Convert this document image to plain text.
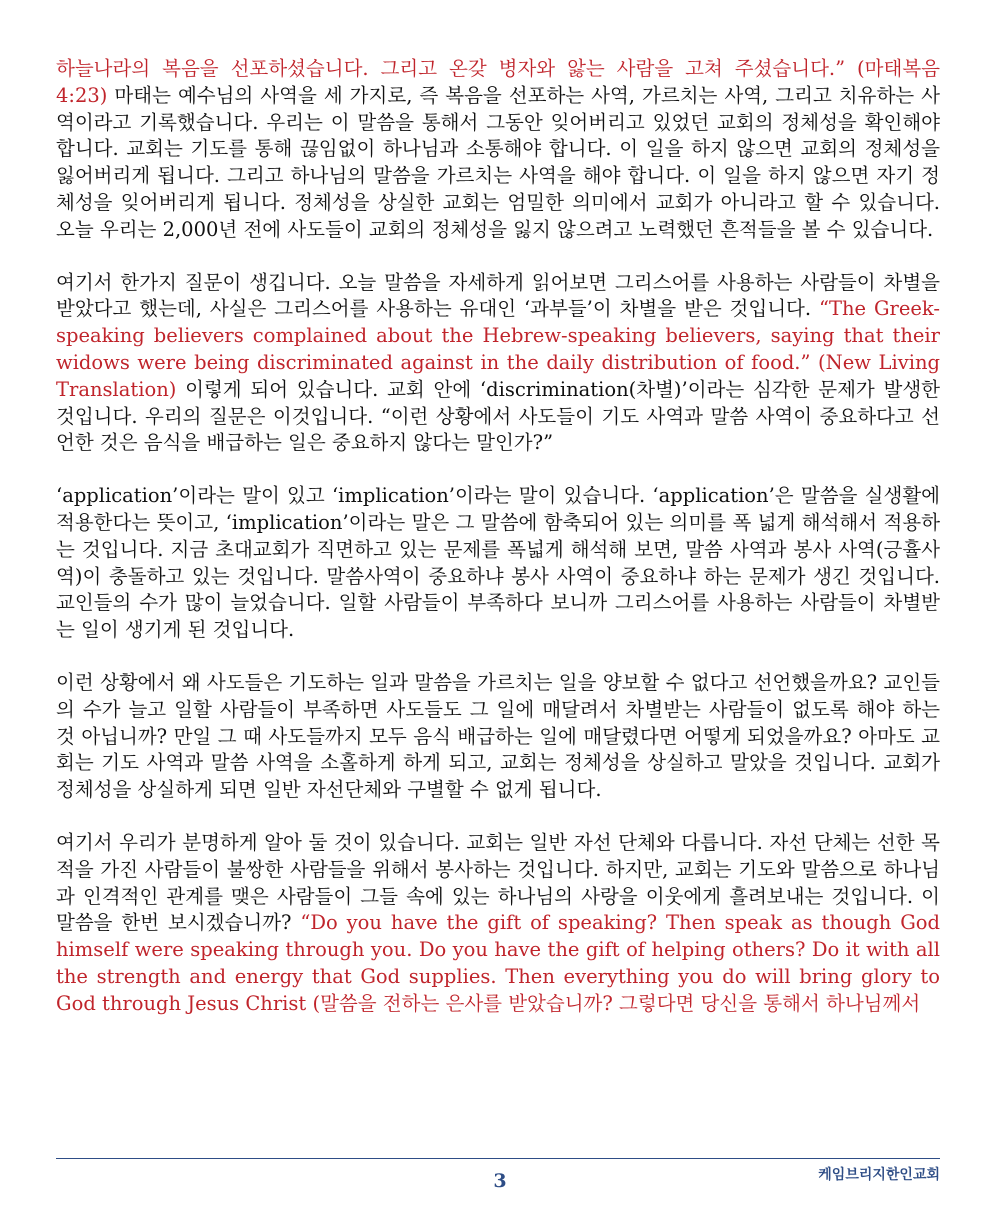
하늘나라의 복음을 선포하셨습니다. 그리고 온갖 병자와 앓는 사람을 고쳐 주셨습니다.” (마태복음 4:23) 마태는 예수님의 사역을 세 가지로, 즉 복음을 선포하는 사역, 가르치는 사역, 그리고 치유하는 사역이라고 기록했습니다. 우리는 이 말씀을 통해서 그동안 잊어버리고 있었던 교회의 정체성을 확인해야 합니다. 교회는 기도를 통해 끊임없이 하나님과 소통해야 합니다. 이 일을 하지 않으면 교회의 정체성을 잃어버리게 됩니다. 그리고 하나님의 말씀을 가르치는 사역을 해야 합니다. 이 일을 하지 않으면 자기 정체성을 잊어버리게 됩니다. 정체성을 상실한 교회는 엄밀한 의미에서 교회가 아니라고 할 수 있습니다. 오늘 우리는 2,000년 전에 사도들이 교회의 정체성을 잃지 않으려고 노력했던 흔적들을 볼 수 있습니다.

여기서 한가지 질문이 생깁니다. 오늘 말씀을 자세하게 읽어보면 그리스어를 사용하는 사람들이 차별을 받았다고 했는데, 사실은 그리스어를 사용하는 유대인 ‘과부들’이 차별을 받은 것입니다. “The Greek-speaking believers complained about the Hebrew-speaking believers, saying that their widows were being discriminated against in the daily distribution of food.” (New Living Translation) 이렇게 되어 있습니다. 교회 안에 ‘discrimination(차별)’이라는 심각한 문제가 발생한 것입니다. 우리의 질문은 이것입니다. “이런 상황에서 사도들이 기도 사역과 말씀 사역이 중요하다고 선언한 것은 음식을 배급하는 일은 중요하지 않다는 말인가?”

‘application’이라는 말이 있고 ‘implication’이라는 말이 있습니다. ‘application’은 말씀을 실생활에 적용한다는 뜻이고, ‘implication’이라는 말은 그 말씀에 함축되어 있는 의미를 폭 넓게 해석해서 적용하는 것입니다. 지금 초대교회가 직면하고 있는 문제를 폭넓게 해석해 보면, 말씀 사역과 봉사 사역(긍휼사역)이 충돌하고 있는 것입니다. 말씀사역이 중요하냐 봉사 사역이 중요하냐 하는 문제가 생긴 것입니다. 교인들의 수가 많이 늘었습니다. 일할 사람들이 부족하다 보니까 그리스어를 사용하는 사람들이 차별받는 일이 생기게 된 것입니다.

이런 상황에서 왜 사도들은 기도하는 일과 말씀을 가르치는 일을 양보할 수 없다고 선언했을까요? 교인들의 수가 늘고 일할 사람들이 부족하면 사도들도 그 일에 매달려서 차별받는 사람들이 없도록 해야 하는 것 아닙니까? 만일 그 때 사도들까지 모두 음식 배급하는 일에 매달렸다면 어떻게 되었을까요? 아마도 교회는 기도 사역과 말씀 사역을 소홀하게 하게 되고, 교회는 정체성을 상실하고 말았을 것입니다. 교회가 정체성을 상실하게 되면 일반 자선단체와 구별할 수 없게 됩니다.

여기서 우리가 분명하게 알아 둘 것이 있습니다. 교회는 일반 자선 단체와 다릅니다. 자선 단체는 선한 목적을 가진 사람들이 불쌍한 사람들을 위해서 봉사하는 것입니다. 하지만, 교회는 기도와 말씀으로 하나님과 인격적인 관계를 맺은 사람들이 그들 속에 있는 하나님의 사랑을 이웃에게 흘려보내는 것입니다. 이 말씀을 한번 보시겠습니까? “Do you have the gift of speaking? Then speak as though God himself were speaking through you. Do you have the gift of helping others? Do it with all the strength and energy that God supplies. Then everything you do will bring glory to God through Jesus Christ (말씀을 전하는 은사를 받았습니까? 그렇다면 당신을 통해서 하나님께서

3	케임브리지한인교회
